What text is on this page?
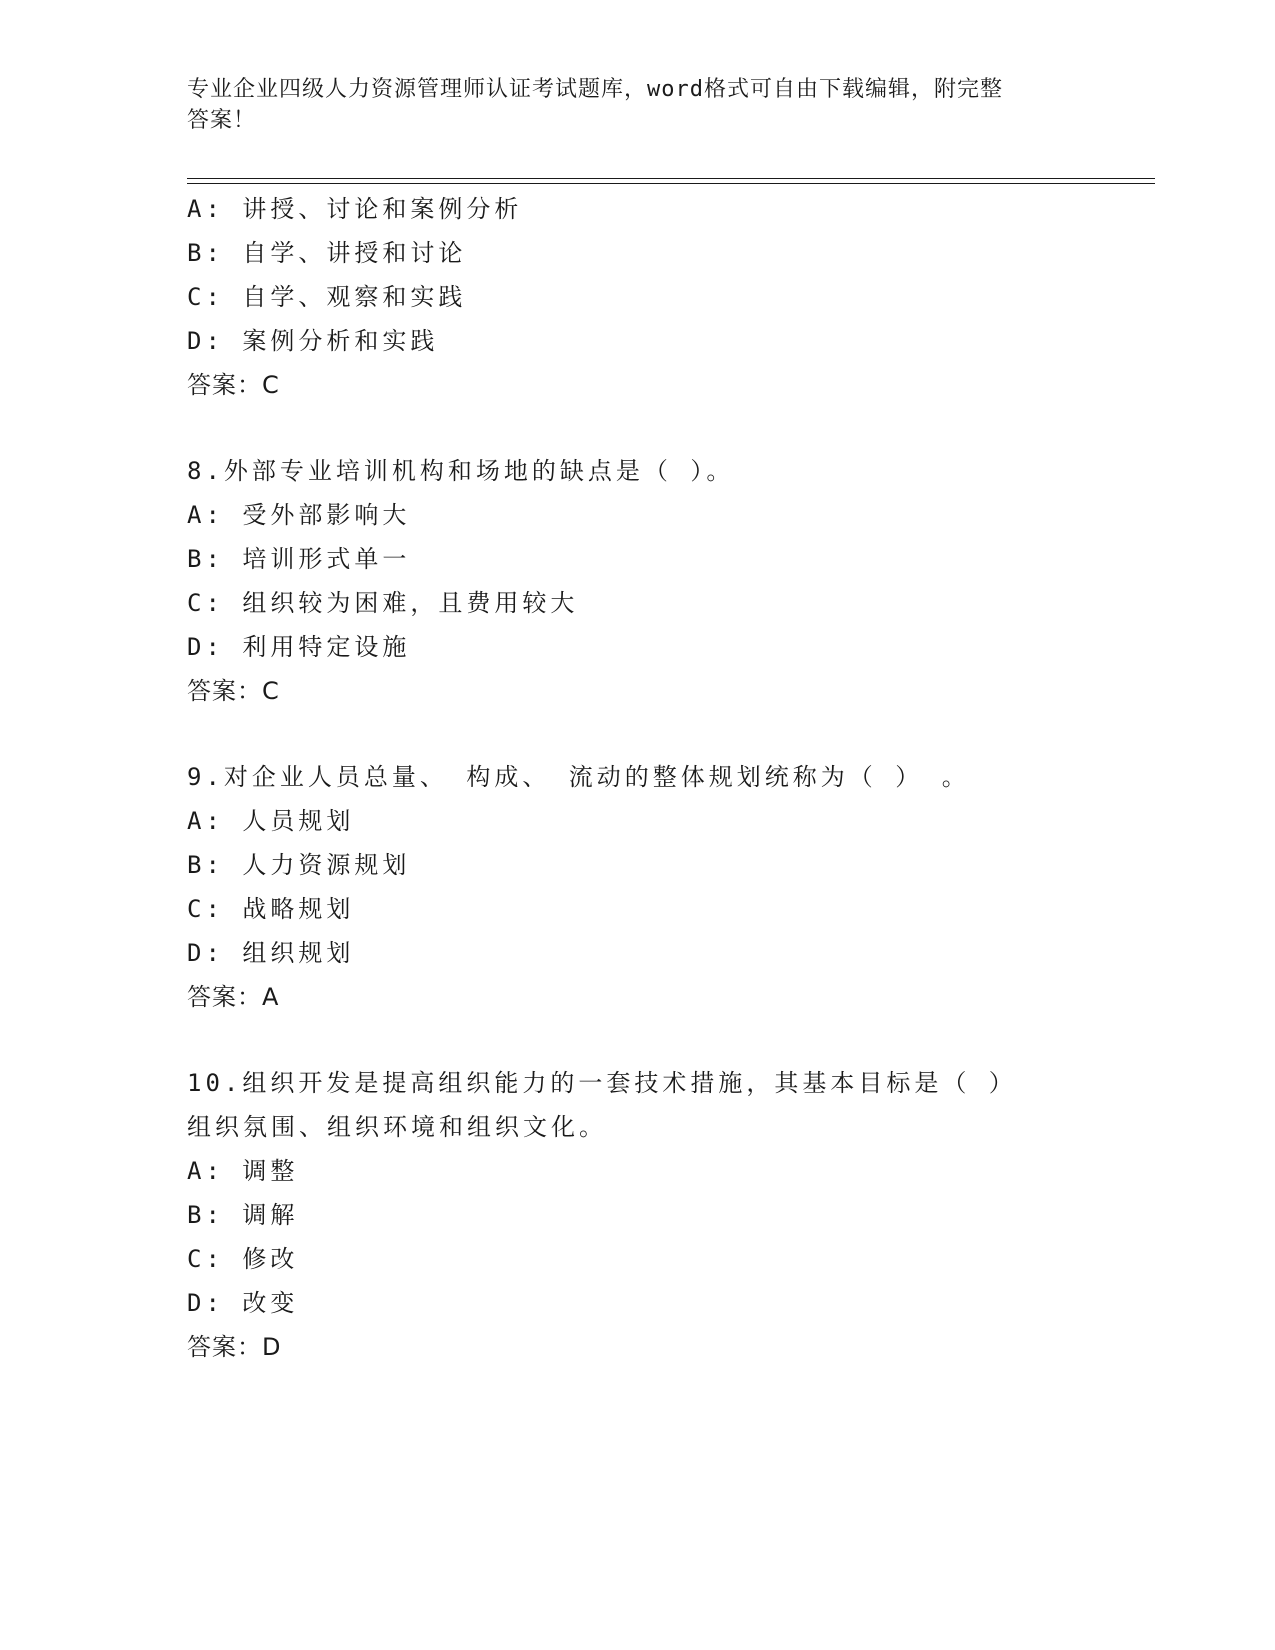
专业企业四级人力资源管理师认证考试题库，word格式可自由下载编辑，附完整
答案！
A: 讲授、讨论和案例分析
B: 自学、讲授和讨论
C: 自学、观察和实践
D: 案例分析和实践
答案：C
8.外部专业培训机构和场地的缺点是（ ）。
A: 受外部影响大
B: 培训形式单一
C: 组织较为困难，且费用较大
D: 利用特定设施
答案：C
9.对企业人员总量、 构成、 流动的整体规划统称为（ ） 。
A: 人员规划
B: 人力资源规划
C: 战略规划
D: 组织规划
答案：A
10.组织开发是提高组织能力的一套技术措施，其基本目标是（ ）
组织氛围、组织环境和组织文化。
A: 调整
B: 调解
C: 修改
D: 改变
答案：D
